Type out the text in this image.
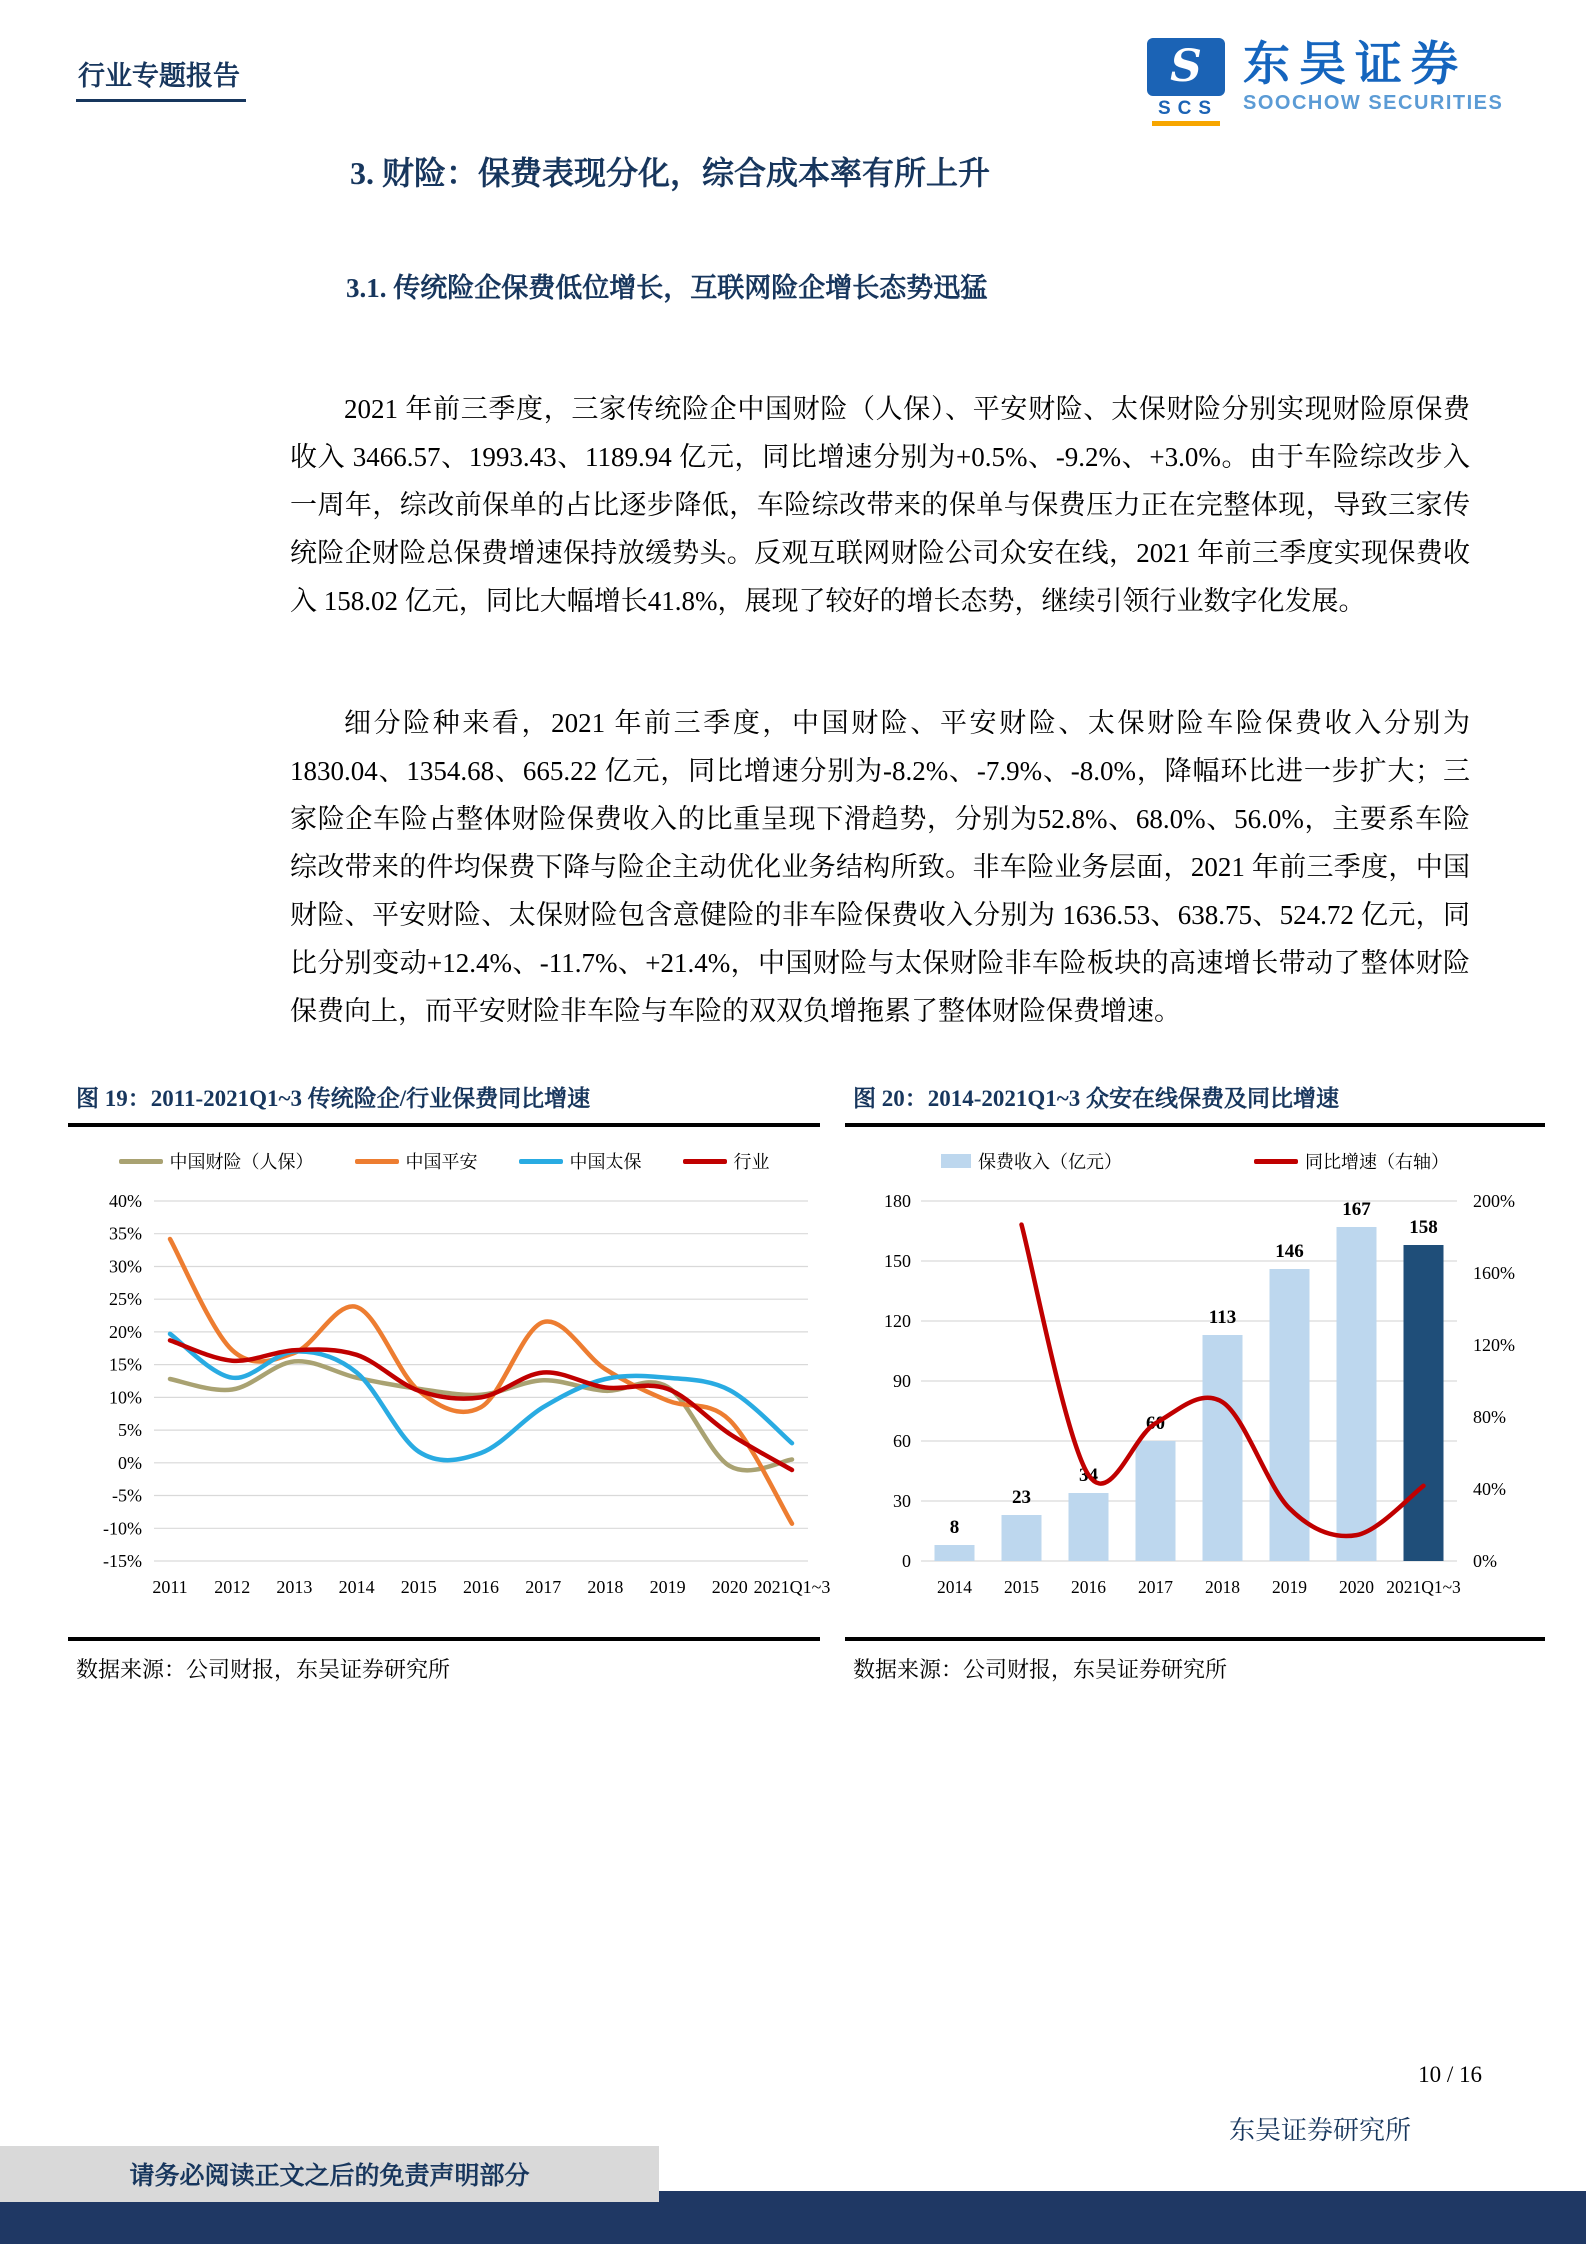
行业专题报告	S
SCS
东吴证券
SOOCHOW SECURITIES
3. 财险：保费表现分化，综合成本率有所上升
3.1. 传统险企保费低位增长，互联网险企增长态势迅猛

2021 年前三季度，三家传统险企中国财险（人保）、平安财险、太保财险分别实现财险原保费收入 3466.57、1993.43、1189.94 亿元，同比增速分别为+0.5%、-9.2%、+3.0%。由于车险综改步入一周年，综改前保单的占比逐步降低，车险综改带来的保单与保费压力正在完整体现，导致三家传统险企财险总保费增速保持放缓势头。反观互联网财险公司众安在线，2021 年前三季度实现保费收入 158.02 亿元，同比大幅增长41.8%，展现了较好的增长态势，继续引领行业数字化发展。

细分险种来看，2021 年前三季度，中国财险、平安财险、太保财险车险保费收入分别为 1830.04、1354.68、665.22 亿元，同比增速分别为-8.2%、-7.9%、-8.0%，降幅环比进一步扩大；三家险企车险占整体财险保费收入的比重呈现下滑趋势，分别为52.8%、68.0%、56.0%，主要系车险综改带来的件均保费下降与险企主动优化业务结构所致。非车险业务层面，2021 年前三季度，中国财险、平安财险、太保财险包含意健险的非车险保费收入分别为 1636.53、638.75、524.72 亿元，同比分别变动+12.4%、-11.7%、+21.4%，中国财险与太保财险非车险板块的高速增长带动了整体财险保费向上，而平安财险非车险与车险的双双负增拖累了整体财险保费增速。

图 19：2011-2021Q1~3 传统险企/行业保费同比增速
中国财险（人保）	中国平安	中国太保	行业
40%
35%
30%
25%
20%
15%
10%
5%
0%
-5%
-10%
-15%
2011 2012 2013 2014 2015 2016 2017 2018 2019 2020 2021Q1~3
数据来源：公司财报，东吴证券研究所
图 20：2014-2021Q1~3 众安在线保费及同比增速
保费收入（亿元）	同比增速（右轴）
0
30
60
90
120
150
180
0%
40%
80%
120%
160%
200%
2014 2015 2016 2017 2018 2019 2020 2021Q1~3
8
23
34
60
113
146
167
158
数据来源：公司财报，东吴证券研究所
10 / 16
东吴证券研究所
请务必阅读正文之后的免责声明部分
